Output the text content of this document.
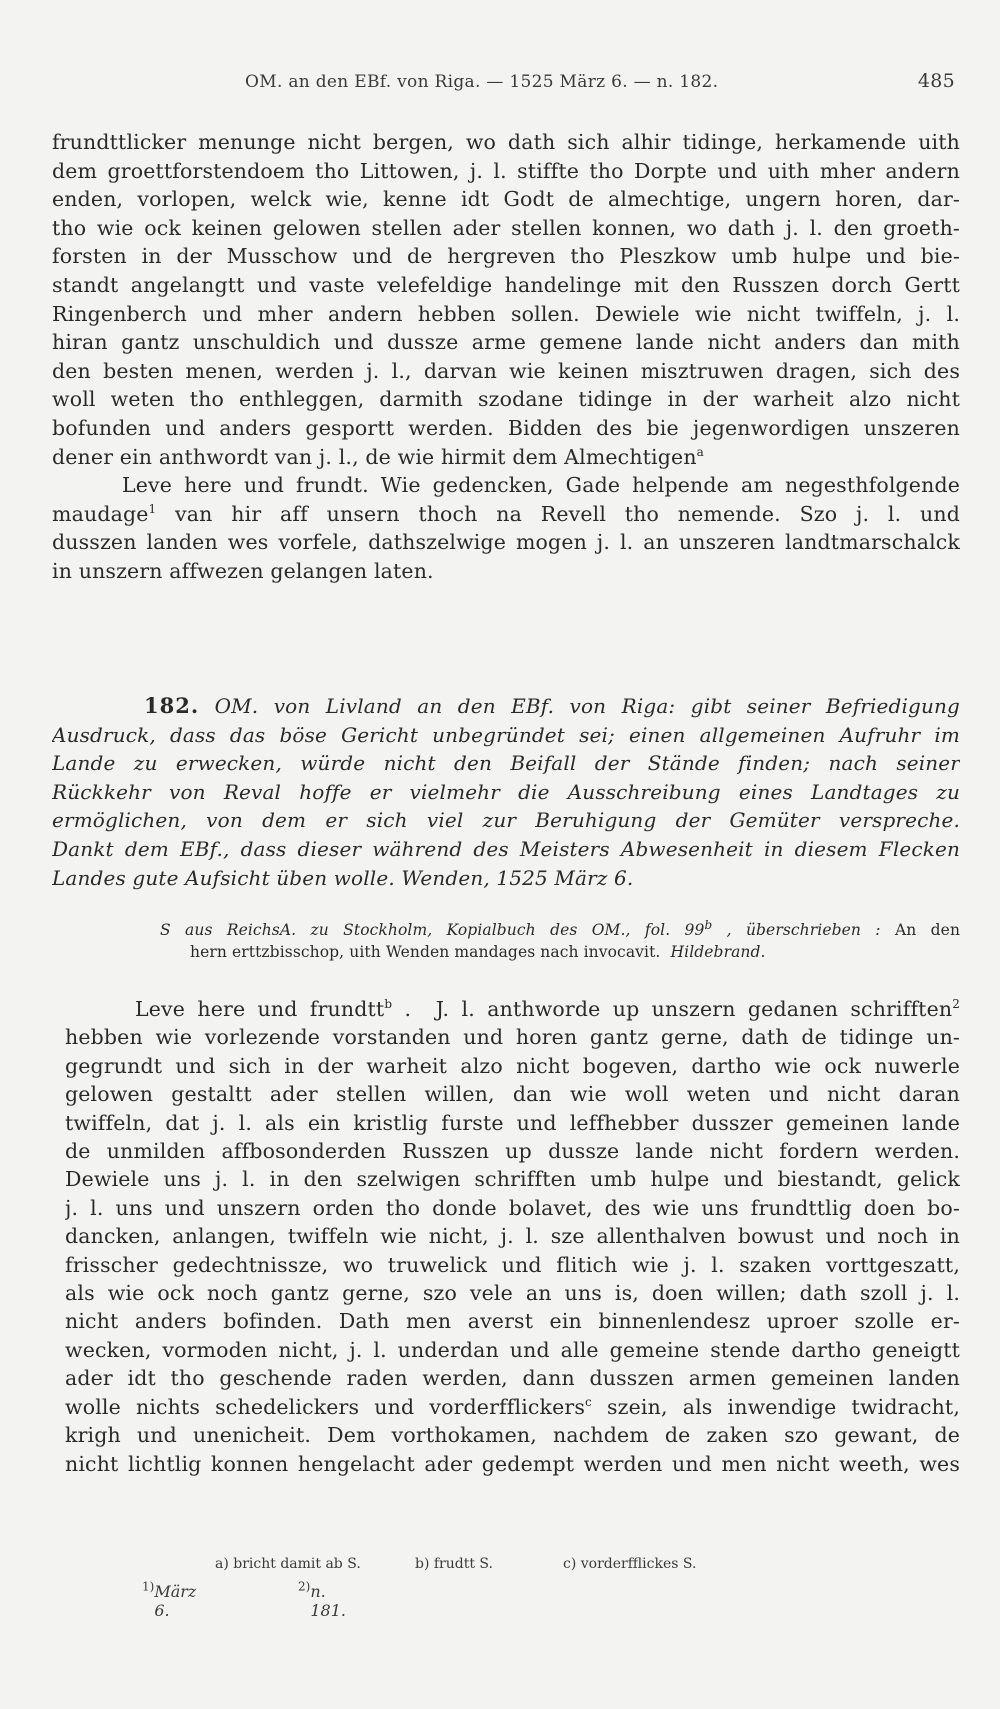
OM. an den EBf. von Riga. — 1525 März 6. — n. 182.	485
frundttlicker menunge nicht bergen, wo dath sich alhir tidinge, herkamende uith
dem groettforstendoem tho Littowen, j. l. stiffte tho Dorpte und uith mher andern
enden, vorlopen, welck wie, kenne idt Godt de almechtige, ungern horen, dar-
tho wie ock keinen gelowen stellen ader stellen konnen, wo dath j. l. den groeth-
forsten in der Musschow und de hergreven tho Pleszkow umb hulpe und bie-
standt angelangtt und vaste velefeldige handelinge mit den Russzen dorch Gertt
Ringenberch und mher andern hebben sollen. Dewiele wie nicht twiffeln, j. l.
hiran gantz unschuldich und dussze arme gemene lande nicht anders dan mith
den besten menen, werden j. l., darvan wie keinen misztruwen dragen, sich des
woll weten tho enthleggen, darmith szodane tidinge in der warheit alzo nicht
bofunden und anders gesportt werden. Bidden des bie jegenwordigen unszeren
dener ein anthwordt van j. l., de wie hirmit dem Almechtigen$^a$
Leve here und frundt. Wie gedencken, Gade helpende am negesthfolgende
maudage$^1$ van hir aff unsern thoch na Revell tho nemende. Szo j. l. und
dusszen landen wes vorfele, dathszelwige mogen j. l. an unszeren landtmarschalck
in unszern affwezen gelangen laten.
182. OM. von Livland an den EBf. von Riga: gibt seiner Befriedigung
Ausdruck, dass das böse Gericht unbegründet sei; einen allgemeinen Aufruhr im
Lande zu erwecken, würde nicht den Beifall der Stände finden; nach seiner
Rückkehr von Reval hoffe er vielmehr die Ausschreibung eines Landtages zu
ermöglichen, von dem er sich viel zur Beruhigung der Gemüter verspreche.
Dankt dem EBf., dass dieser während des Meisters Abwesenheit in diesem Flecken
Landes gute Aufsicht üben wolle. Wenden, 1525 März 6.
S aus ReichsA. zu Stockholm, Kopialbuch des OM., fol. 99$^b$ , überschrieben : An den
hern erttzbisschop, uith Wenden mandages nach invocavit. Hildebrand.
Leve here und frundtt$^b$ .  J. l. anthworde up unszern gedanen schrifften$^2$
hebben wie vorlezende vorstanden und horen gantz gerne, dath de tidinge un-
gegrundt und sich in der warheit alzo nicht bogeven, dartho wie ock nuwerle
gelowen gestaltt ader stellen willen, dan wie woll weten und nicht daran
twiffeln, dat j. l. als ein kristlig furste und leffhebber dusszer gemeinen lande
de unmilden affbosonderden Russzen up dussze lande nicht fordern werden.
Dewiele uns j. l. in den szelwigen schrifften umb hulpe und biestandt, gelick
j. l. uns und unszern orden tho donde bolavet, des wie uns frundttlig doen bo-
dancken, anlangen, twiffeln wie nicht, j. l. sze allenthalven bowust und noch in
frisscher gedechtnissze, wo truwelick und flitich wie j. l. szaken vorttgeszatt,
als wie ock noch gantz gerne, szo vele an uns is, doen willen; dath szoll j. l.
nicht anders bofinden. Dath men averst ein binnenlendesz uproer szolle er-
wecken, vormoden nicht, j. l. underdan und alle gemeine stende dartho geneigtt
ader idt tho geschende raden werden, dann dusszen armen gemeinen landen
wolle nichts schedelickers und vorderfflickers$^c$ szein, als inwendige twidracht,
krigh und unenicheit. Dem vorthokamen, nachdem de zaken szo gewant, de
nicht lichtlig konnen hengelacht ader gedempt werden und men nicht weeth, wes
a) bricht damit ab S.	b) frudtt S.	c) vorderfflickes S.
$^{1)}$ März 6.
$^{2)}$ n. 181.
